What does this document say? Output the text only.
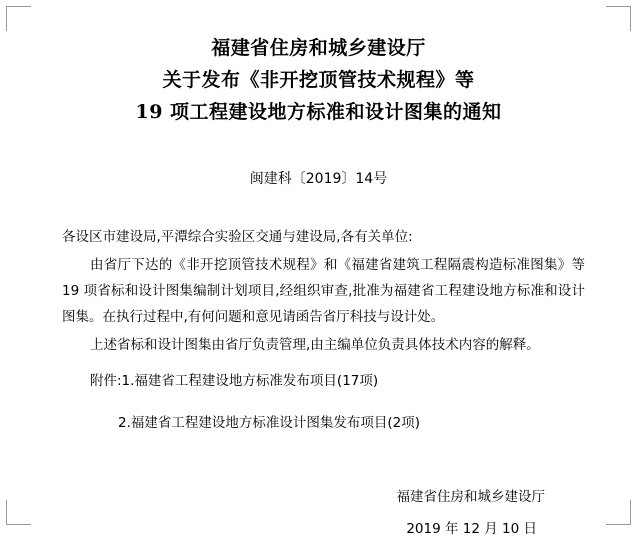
福建省住房和城乡建设厅
关于发布《非开挖顶管技术规程》等
19 项工程建设地方标准和设计图集的通知
闽建科〔2019〕14号

各设区市建设局,平潭综合实验区交通与建设局,各有关单位:

由省厅下达的《非开挖顶管技术规程》和《福建省建筑工程隔震构造标准图集》等 19 项省标和设计图集编制计划项目,经组织审查,批准为福建省工程建设地方标准和设计图集。在执行过程中,有何问题和意见请函告省厅科技与设计处。

上述省标和设计图集由省厅负责管理,由主编单位负责具体技术内容的解释。

附件:1.福建省工程建设地方标准发布项目(17项)

2.福建省工程建设地方标准设计图集发布项目(2项)

福建省住房和城乡建设厅
2019 年 12 月 10 日
